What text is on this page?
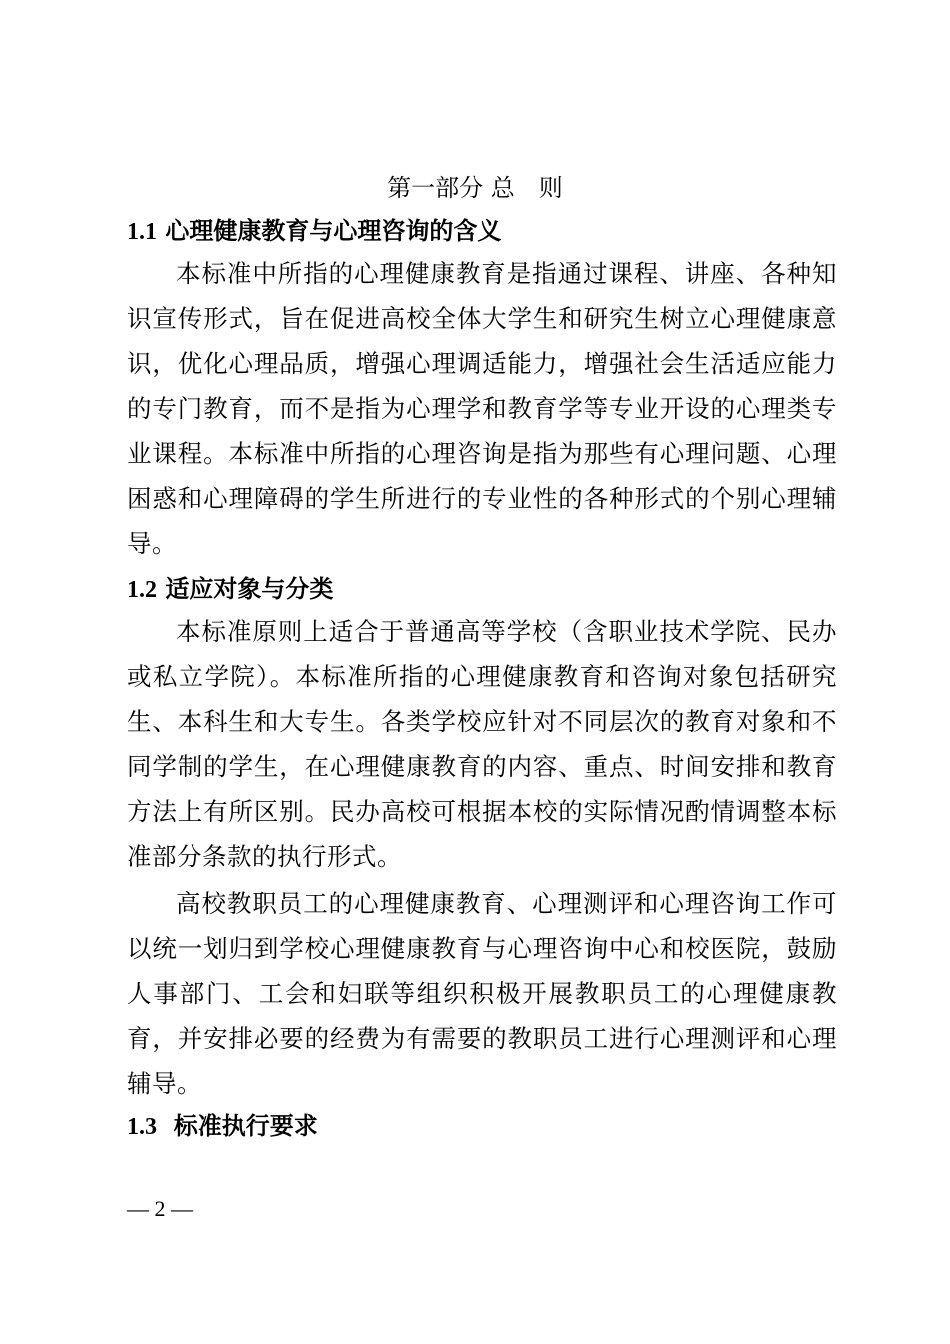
第一部分 总　则
1.1 心理健康教育与心理咨询的含义

本标准中所指的心理健康教育是指通过课程、讲座、各种知识宣传形式，旨在促进高校全体大学生和研究生树立心理健康意识，优化心理品质，增强心理调适能力，增强社会生活适应能力的专门教育，而不是指为心理学和教育学等专业开设的心理类专业课程。本标准中所指的心理咨询是指为那些有心理问题、心理困惑和心理障碍的学生所进行的专业性的各种形式的个别心理辅导。

1.2 适应对象与分类

本标准原则上适合于普通高等学校（含职业技术学院、民办或私立学院）。本标准所指的心理健康教育和咨询对象包括研究生、本科生和大专生。各类学校应针对不同层次的教育对象和不同学制的学生，在心理健康教育的内容、重点、时间安排和教育方法上有所区别。民办高校可根据本校的实际情况酌情调整本标准部分条款的执行形式。

高校教职员工的心理健康教育、心理测评和心理咨询工作可以统一划归到学校心理健康教育与心理咨询中心和校医院，鼓励人事部门、工会和妇联等组织积极开展教职员工的心理健康教育，并安排必要的经费为有需要的教职员工进行心理测评和心理辅导。

1.3 标准执行要求

— 2 —
